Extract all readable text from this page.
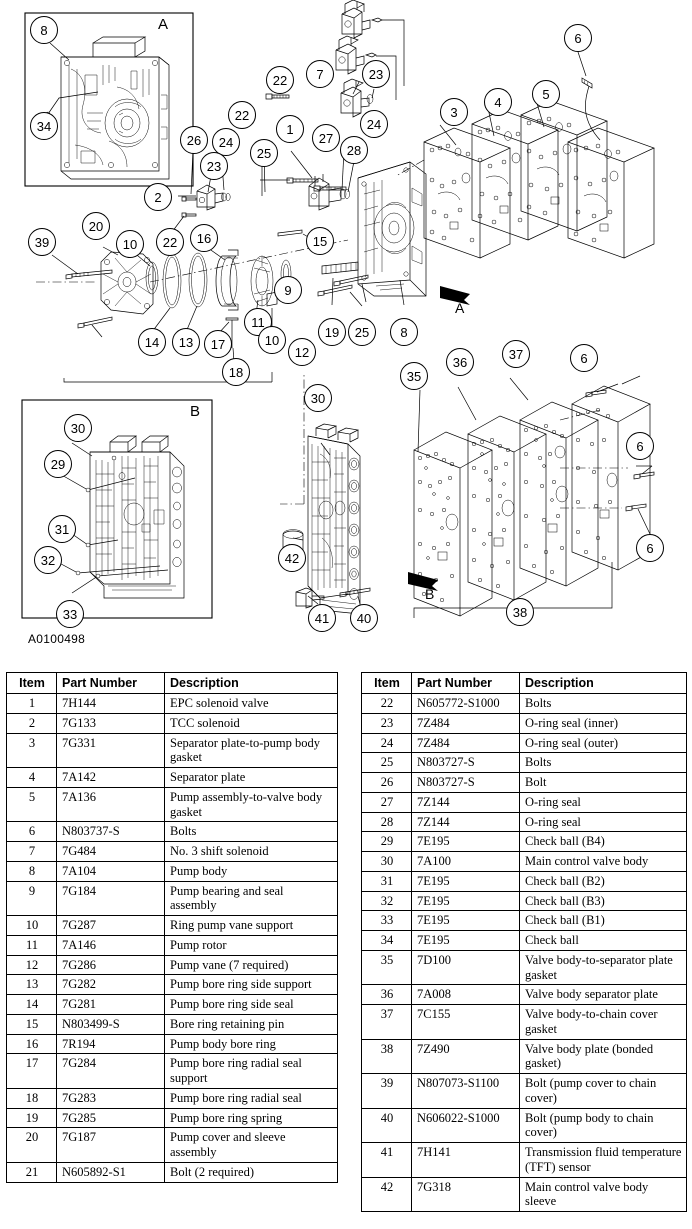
8
34
A
30
29
31
32
33
B
22	7	23
24
6
3
4
5
22
1
27
28
26	24
23
25
2
39
20
10	22	16
11
9
14	13	17
18
10
12
19	25	8
15
A
35
36
37	6
30
6
6
42
41	40	38
B
A0100498
Item	Part Number	Description
1	7H144	EPC solenoid valve
2	7G133	TCC solenoid
3	7G331	Separator plate-to-pump body gasket
4	7A142	Separator plate
5	7A136	Pump assembly-to-valve body gasket
6	N803737-S	Bolts
7	7G484	No. 3 shift solenoid
8	7A104	Pump body
9	7G184	Pump bearing and seal assembly
10	7G287	Ring pump vane support
11	7A146	Pump rotor
12	7G286	Pump vane (7 required)
13	7G282	Pump bore ring side support
14	7G281	Pump bore ring side seal
15	N803499-S	Bore ring retaining pin
16	7R194	Pump body bore ring
17	7G284	Pump bore ring radial seal support
18	7G283	Pump bore ring radial seal
19	7G285	Pump bore ring spring
20	7G187	Pump cover and sleeve assembly
21	N605892-S1	Bolt (2 required)
Item	Part Number	Description
22	N605772-S1000	Bolts
23	7Z484	O-ring seal (inner)
24	7Z484	O-ring seal (outer)
25	N803727-S	Bolts
26	N803727-S	Bolt
27	7Z144	O-ring seal
28	7Z144	O-ring seal
29	7E195	Check ball (B4)
30	7A100	Main control valve body
31	7E195	Check ball (B2)
32	7E195	Check ball (B3)
33	7E195	Check ball (B1)
34	7E195	Check ball
35	7D100	Valve body-to-separator plate gasket
36	7A008	Valve body separator plate
37	7C155	Valve body-to-chain cover gasket
38	7Z490	Valve body plate (bonded gasket)
39	N807073-S1100	Bolt (pump cover to chain cover)
40	N606022-S1000	Bolt (pump body to chain cover)
41	7H141	Transmission fluid temperature (TFT) sensor
42	7G318	Main control valve body sleeve
